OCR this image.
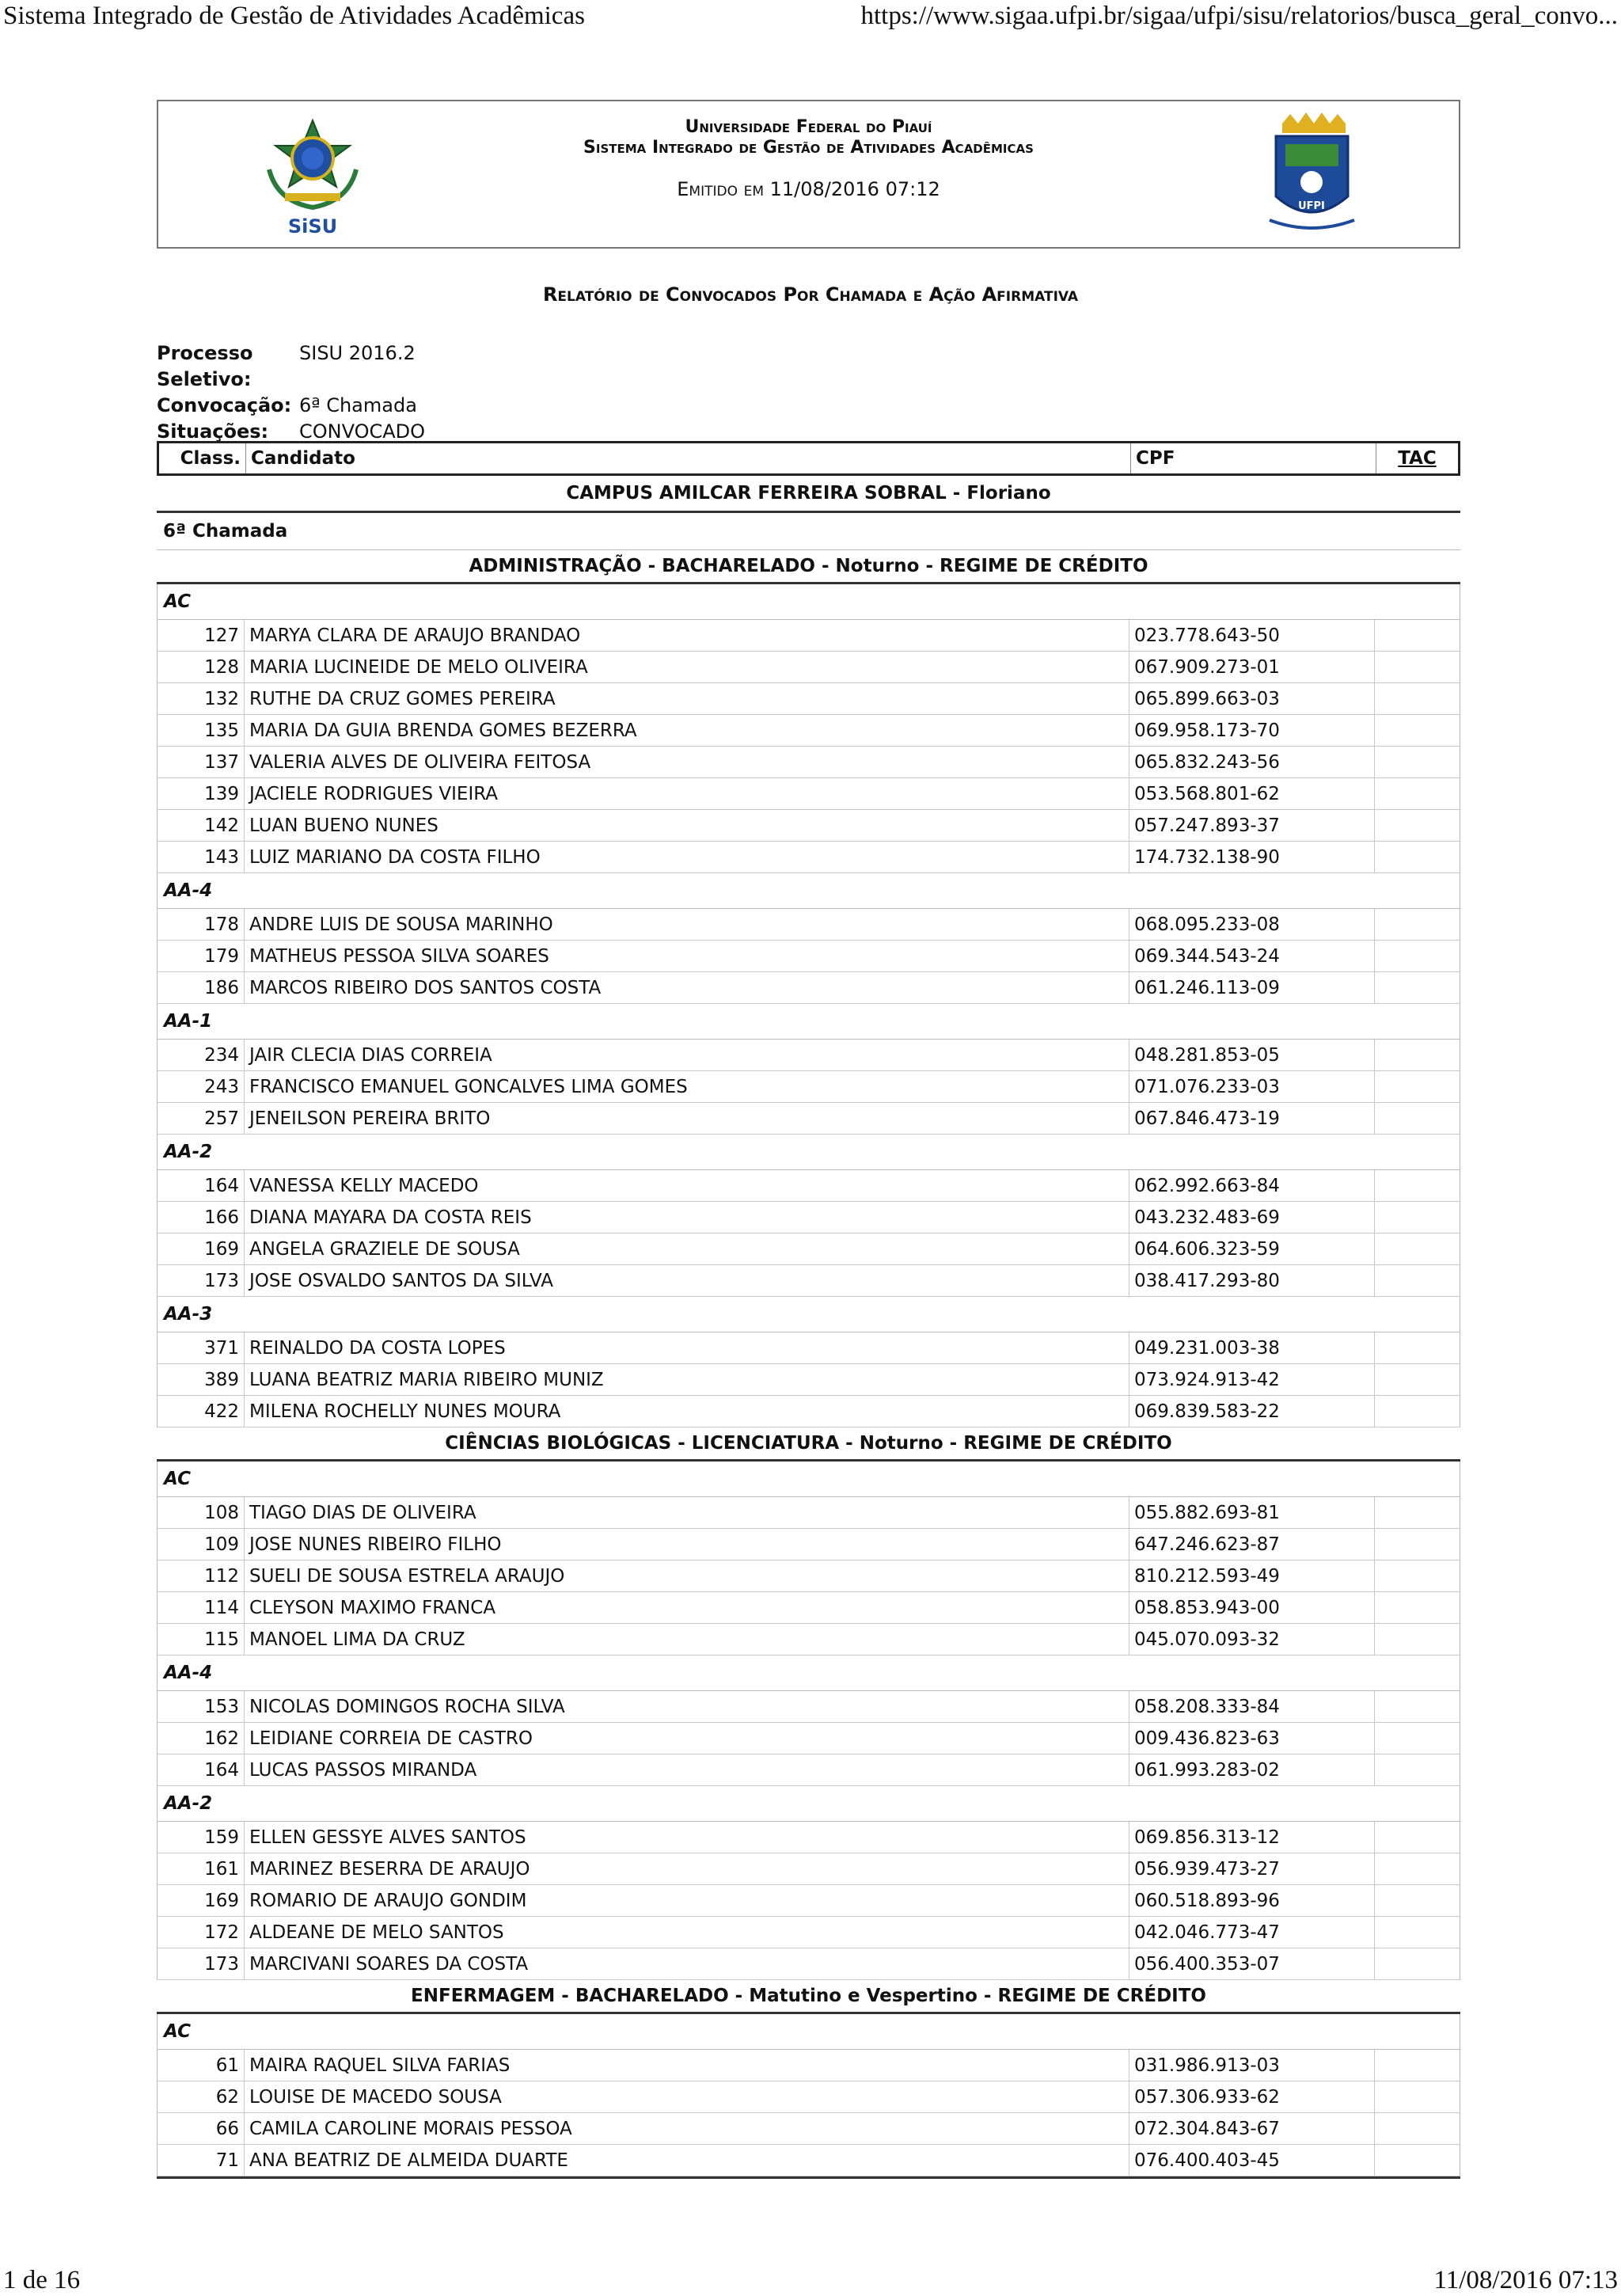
Sistema Integrado de Gestão de Atividades Acadêmicas	https://www.sigaa.ufpi.br/sigaa/ufpi/sisu/relatorios/busca_geral_convo...
SiSU
Universidade Federal do Piauí
Sistema Integrado de Gestão de Atividades Acadêmicas
Emitido em 11/08/2016 07:12
UFPI
Relatório de Convocados Por Chamada e Ação Afirmativa
Processo Seletivo:
SISU 2016.2
Convocação: 6ª Chamada
Situações:	CONVOCADO
Class. Candidato	CPF	TAC
CAMPUS AMILCAR FERREIRA SOBRAL - Floriano
6ª Chamada
ADMINISTRAÇÃO - BACHARELADO - Noturno - REGIME DE CRÉDITO
AC
127 MARYA CLARA DE ARAUJO BRANDAO	023.778.643-50
128 MARIA LUCINEIDE DE MELO OLIVEIRA	067.909.273-01
132 RUTHE DA CRUZ GOMES PEREIRA	065.899.663-03
135 MARIA DA GUIA BRENDA GOMES BEZERRA	069.958.173-70
137 VALERIA ALVES DE OLIVEIRA FEITOSA	065.832.243-56
139 JACIELE RODRIGUES VIEIRA	053.568.801-62
142 LUAN BUENO NUNES	057.247.893-37
143 LUIZ MARIANO DA COSTA FILHO	174.732.138-90
AA-4
178 ANDRE LUIS DE SOUSA MARINHO	068.095.233-08
179 MATHEUS PESSOA SILVA SOARES	069.344.543-24
186 MARCOS RIBEIRO DOS SANTOS COSTA	061.246.113-09
AA-1
234 JAIR CLECIA DIAS CORREIA	048.281.853-05
243 FRANCISCO EMANUEL GONCALVES LIMA GOMES	071.076.233-03
257 JENEILSON PEREIRA BRITO	067.846.473-19
AA-2
164 VANESSA KELLY MACEDO	062.992.663-84
166 DIANA MAYARA DA COSTA REIS	043.232.483-69
169 ANGELA GRAZIELE DE SOUSA	064.606.323-59
173 JOSE OSVALDO SANTOS DA SILVA	038.417.293-80
AA-3
371 REINALDO DA COSTA LOPES	049.231.003-38
389 LUANA BEATRIZ MARIA RIBEIRO MUNIZ	073.924.913-42
422 MILENA ROCHELLY NUNES MOURA	069.839.583-22
CIÊNCIAS BIOLÓGICAS - LICENCIATURA - Noturno - REGIME DE CRÉDITO
AC
108 TIAGO DIAS DE OLIVEIRA	055.882.693-81
109 JOSE NUNES RIBEIRO FILHO	647.246.623-87
112 SUELI DE SOUSA ESTRELA ARAUJO	810.212.593-49
114 CLEYSON MAXIMO FRANCA	058.853.943-00
115 MANOEL LIMA DA CRUZ	045.070.093-32
AA-4
153 NICOLAS DOMINGOS ROCHA SILVA	058.208.333-84
162 LEIDIANE CORREIA DE CASTRO	009.436.823-63
164 LUCAS PASSOS MIRANDA	061.993.283-02
AA-2
159 ELLEN GESSYE ALVES SANTOS	069.856.313-12
161 MARINEZ BESERRA DE ARAUJO	056.939.473-27
169 ROMARIO DE ARAUJO GONDIM	060.518.893-96
172 ALDEANE DE MELO SANTOS	042.046.773-47
173 MARCIVANI SOARES DA COSTA	056.400.353-07
ENFERMAGEM - BACHARELADO - Matutino e Vespertino - REGIME DE CRÉDITO
AC
61 MAIRA RAQUEL SILVA FARIAS	031.986.913-03
62 LOUISE DE MACEDO SOUSA	057.306.933-62
66 CAMILA CAROLINE MORAIS PESSOA	072.304.843-67
71 ANA BEATRIZ DE ALMEIDA DUARTE	076.400.403-45
1 de 16	11/08/2016 07:13
